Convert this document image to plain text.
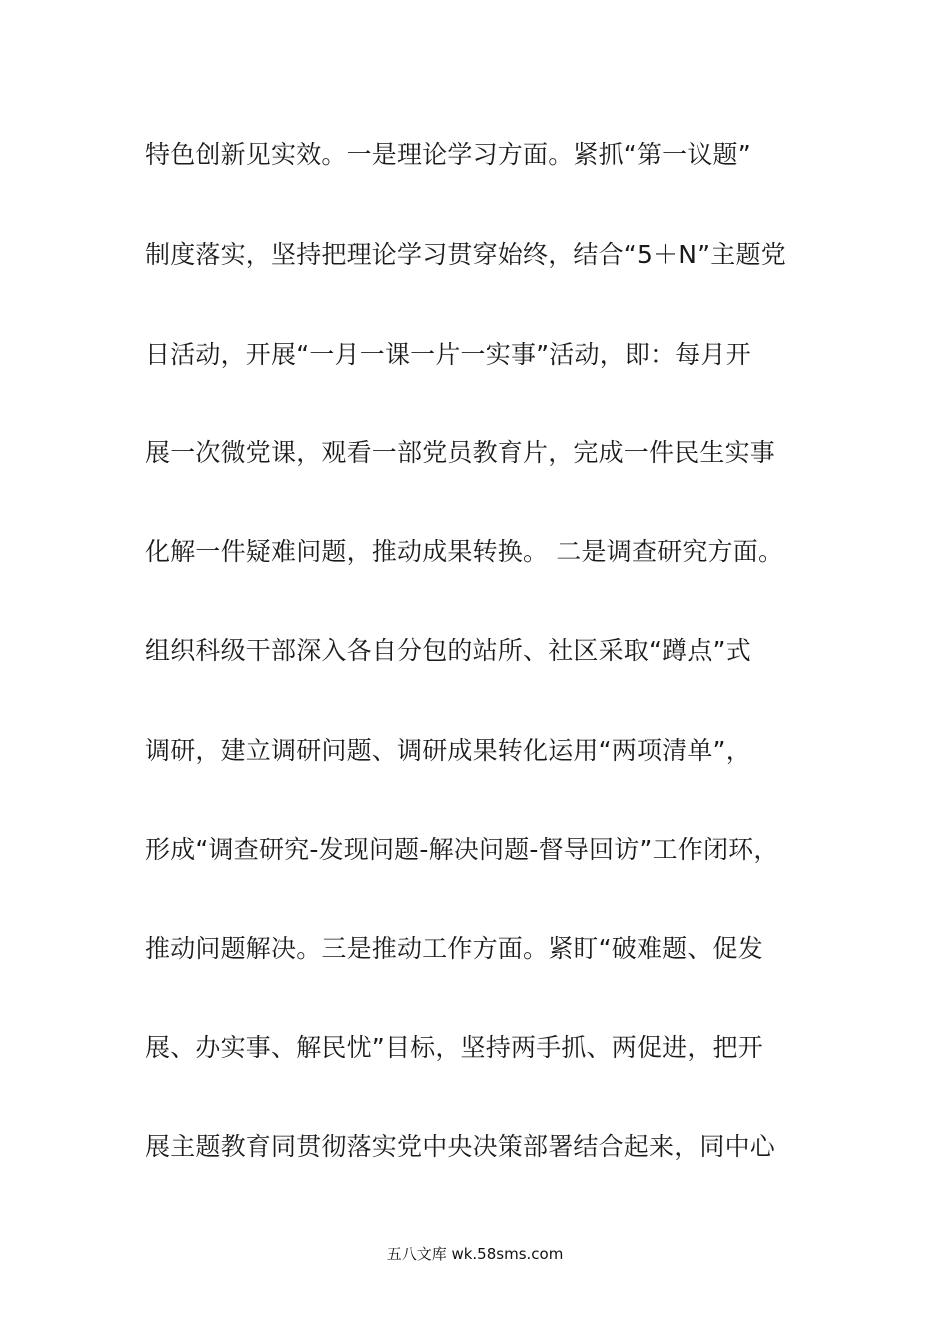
特色创新见实效。一是理论学习方面。紧抓“第一议题”
制度落实，坚持把理论学习贯穿始终，结合“5＋N”主题党
日活动，开展“一月一课一片一实事”活动，即：每月开
展一次微党课，观看一部党员教育片，完成一件民生实事
化解一件疑难问题，推动成果转换。 二是调查研究方面。
组织科级干部深入各自分包的站所、社区采取“蹲点”式
调研，建立调研问题、调研成果转化运用“两项清单”，
形成“调查研究-发现问题-解决问题-督导回访”工作闭环，
推动问题解决。三是推动工作方面。紧盯“破难题、促发
展、办实事、解民忧”目标，坚持两手抓、两促进，把开
展主题教育同贯彻落实党中央决策部署结合起来，同中心
五八文库 wk.58sms.com
